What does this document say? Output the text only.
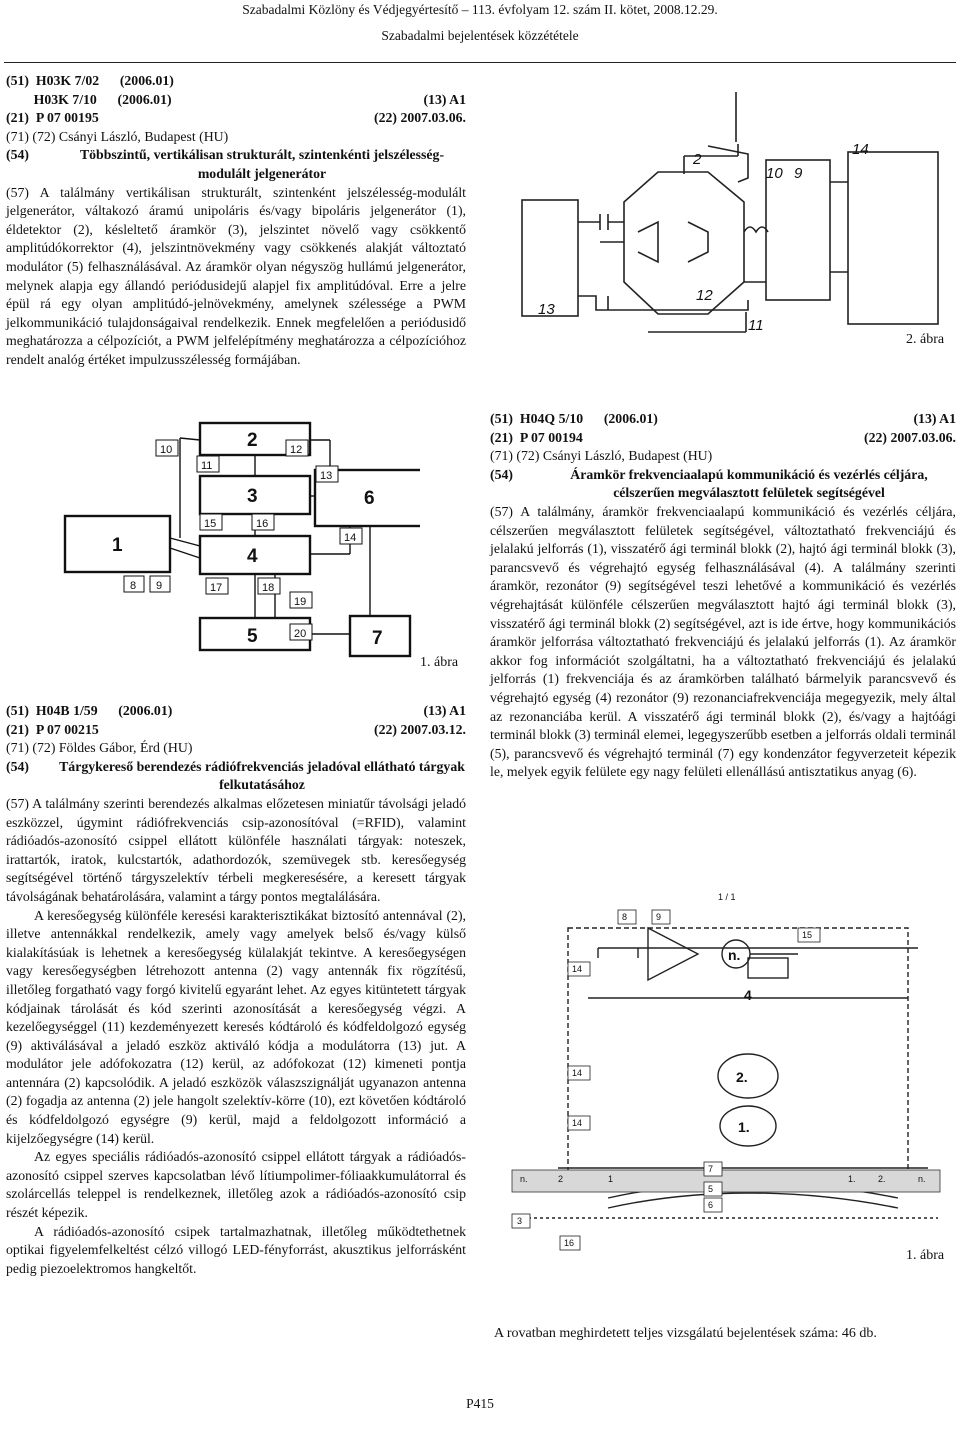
Szabadalmi Közlöny és Védjegyértesítő – 113. évfolyam 12. szám II. kötet, 2008.12.29.
Szabadalmi bejelentések közzététele
(51)  H03K 7/02      (2006.01)
H03K 7/10      (2006.01)	(13) A1
(21)  P 07 00195	(22) 2007.03.06.
(71) (72) Csányi László, Budapest (HU)
(54)	Többszintű, vertikálisan strukturált, szintenkénti jelszélesség-modulált jelgenerátor

(57) A találmány vertikálisan strukturált, szintenként jelszélesség-modulált jelgenerátor, váltakozó áramú unipoláris és/vagy bipoláris jelgenerátor (1), éldetektor (2), késleltető áramkör (3), jelszintet növelő vagy csökkentő amplitúdókorrektor (4), jelszintnövekmény vagy csökkenés alakját változtató modulátor (5) felhasználásával. Az áramkör olyan négyszög hullámú jelgenerátor, melynek alapja egy állandó periódusidejű alapjel fix amplitúdóval. Erre a jelre épül rá egy olyan amplitúdó-jelnövekmény, amelynek szélessége a PWM jelkommunikáció tulajdonságaival rendelkezik. Ennek megfelelően a periódusidő meghatározza a célpozíciót, a PWM jelfelépítmény meghatározza a célpozícióhoz rendelt analóg értéket impulzusszélesség formájában.

10
11
12
13
15	16
14
8 9	17	18
19
20
2
3
4
5
1
6
7
1. ábra
(51)  H04B 1/59      (2006.01)	(13) A1
(21)  P 07 00215	(22) 2007.03.12.
(71) (72) Földes Gábor, Érd (HU)
(54)	Tárgykereső berendezés rádiófrekvenciás jeladóval ellátható tárgyak felkutatásához

(57) A találmány szerinti berendezés alkalmas előzetesen miniatűr távolsági jeladó eszközzel, úgymint rádiófrekvenciás csip-azonosítóval (=RFID), valamint rádióadós-azonosító csippel ellátott különféle használati tárgyak: noteszek, irattartók, iratok, kulcstartók, adathordozók, szemüvegek stb. keresőegység segítségével történő tárgyszelektív térbeli megkeresésére, a keresett tárgyak távolságának behatárolására, valamint a tárgy pontos megtalálására.

A keresőegység különféle keresési karakterisztikákat biztosító antennával (2), illetve antennákkal rendelkezik, amely vagy amelyek belső és/vagy külső kialakításúak is lehetnek a keresőegység külalakját tekintve. A keresőegységen vagy keresőegységben létrehozott antenna (2) vagy antennák fix rögzítésű, illetőleg forgatható vagy forgó kivitelű egyaránt lehet. Az egyes kitüntetett tárgyak kódjainak tárolását és kód szerinti azonosítását a keresőegység végzi. A kezelőegységgel (11) kezdeményezett keresés kódtároló és kódfeldolgozó egység (9) aktiválásával a jeladó eszköz aktiváló kódja a modulátorra (13) jut. A modulátor jele adófokozatra (12) kerül, az adófokozat (12) kimeneti pontja antennára (2) kapcsolódik. A jeladó eszközök válaszszignálját ugyanazon antenna (2) fogadja az antenna (2) jele hangolt szelektív-körre (10), ezt követően kódtároló és kódfeldolgozó egységre (9) kerül, majd a feldolgozott információ a kijelzőegységre (14) kerül.

Az egyes speciális rádióadós-azonosító csippel ellátott tárgyak a rádióadós-azonosító csippel szerves kapcsolatban lévő lítiumpolimer-fóliaakkumulátorral és szolárcellás teleppel is rendelkeznek, illetőleg azok a rádióadós-azonosító csip részét képezik.

A rádióadós-azonosító csipek tartalmazhatnak, illetőleg működtethetnek optikai figyelemfelkeltést célzó villogó LED-fényforrást, akusztikus jelforrásként pedig piezoelektromos hangkeltőt.

2
10 9
14
13
12
11
2. ábra
(51)  H04Q 5/10      (2006.01)	(13) A1
(21)  P 07 00194	(22) 2007.03.06.
(71) (72) Csányi László, Budapest (HU)
(54)	Áramkör frekvenciaalapú kommunikáció és vezérlés céljára, célszerűen megválasztott felületek segítségével

(57) A találmány, áramkör frekvenciaalapú kommunikáció és vezérlés céljára, célszerűen megválasztott felületek segítségével, változtatható frekvenciájú és jelalakú jelforrás (1), visszatérő ági terminál blokk (2), hajtó ági terminál blokk (3), parancsvevő és végrehajtó egység felhasználásával (4). A találmány szerinti áramkör, rezonátor (9) segítségével teszi lehetővé a kommunikáció és vezérlés végrehajtását különféle célszerűen megválasztott hajtó ági terminál blokk (3), visszatérő ági terminál blokk (2) segítségével, azt is ide értve, hogy kommunikációs áramkör jelforrása változtatható frekvenciájú és jelalakú jelforrás (1). Az áramkör akkor fog információt szolgáltatni, ha a változtatható frekvenciájú és jelalakú jelforrás (1) frekvenciája és az áramkörben található bármelyik parancsvevő és végrehajtó egység (4) rezonátor (9) rezonanciafrekvenciája megegyezik, mely által az rezonanciába kerül. A visszatérő ági terminál blokk (2), és/vagy a hajtóági terminál blokk (3) terminál elemei, legegyszerűbb esetben a jelforrás oldali terminál (5), parancsvevő és végrehajtó terminál (7) egy kondenzátor fegyverzeteit képezik le, melyek egyik felülete egy nagy felületi ellenállású antisztatikus anyag (6).

1 / 1
8	9
14
14
14
15
7
5
6
3
16
n.	2	1	1. 2.	n.
n.
4
2.
1.
1. ábra
A rovatban meghirdetett teljes vizsgálatú bejelentések száma: 46 db.
P415
